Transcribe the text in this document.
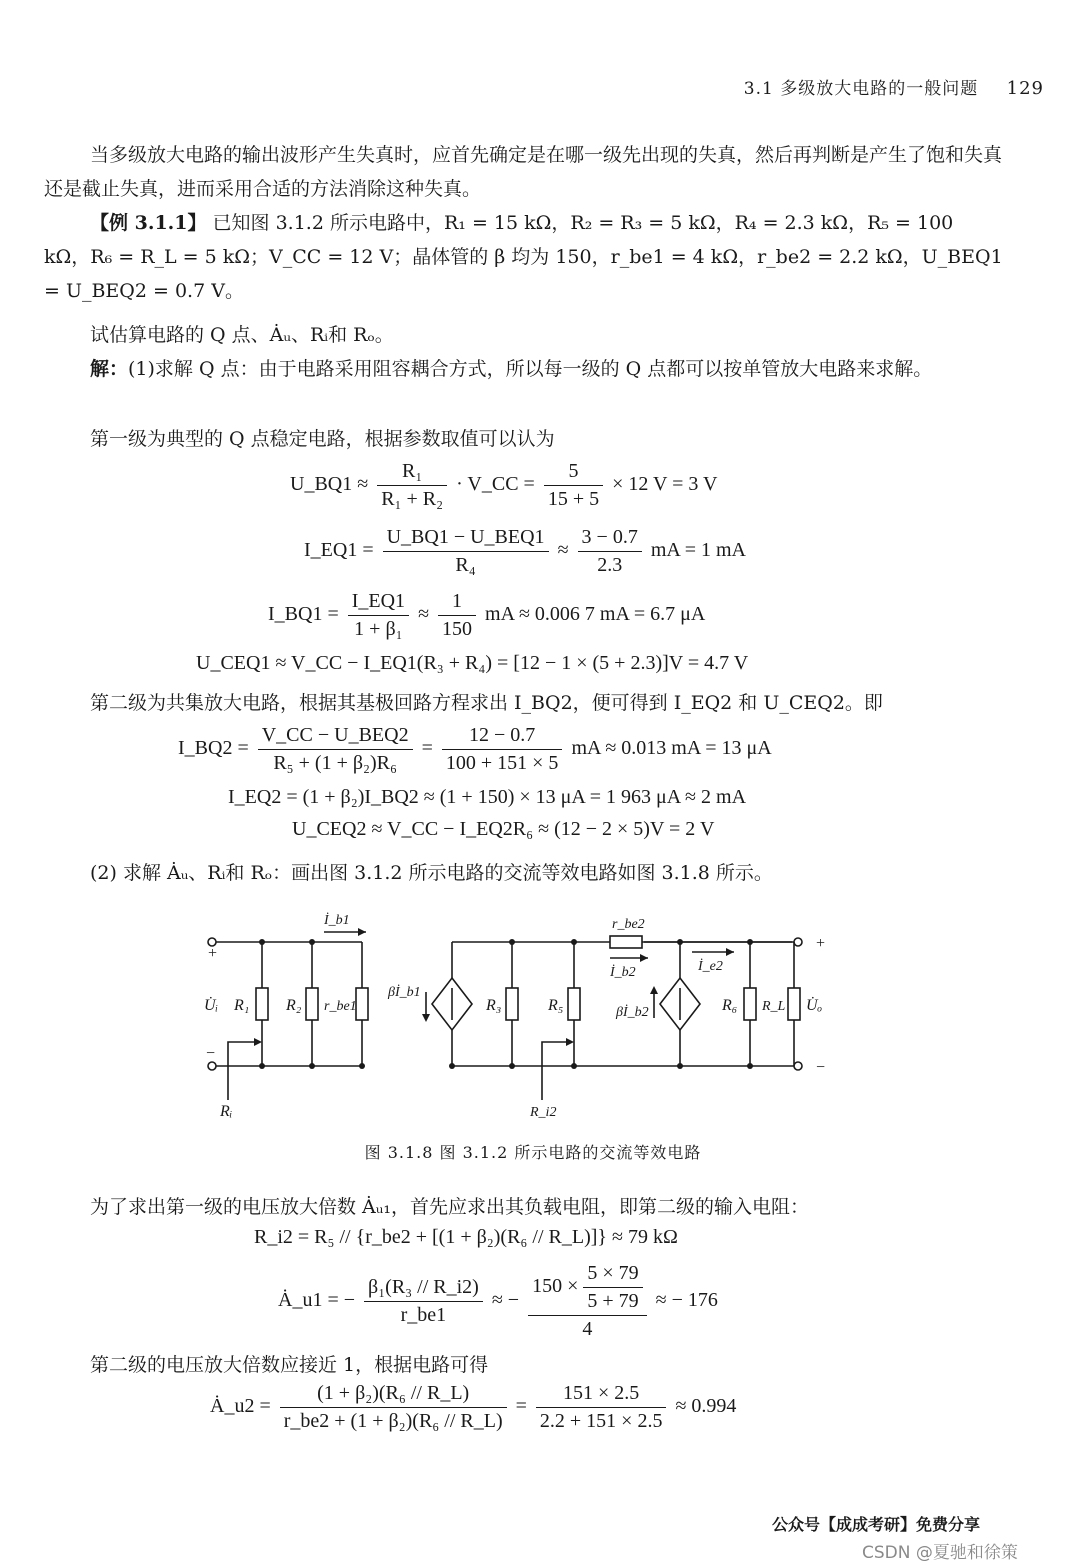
3.1 多级放大电路的一般问题 129
当多级放大电路的输出波形产生失真时，应首先确定是在哪一级先出现的失真，然后再判断是产生了饱和失真还是截止失真，进而采用合适的方法消除这种失真。
【例 3.1.1】 已知图 3.1.2 所示电路中，R₁ = 15 kΩ，R₂ = R₃ = 5 kΩ，R₄ = 2.3 kΩ，R₅ = 100 kΩ，R₆ = R_L = 5 kΩ；V_CC = 12 V；晶体管的 β 均为 150，r_be1 = 4 kΩ，r_be2 = 2.2 kΩ，U_BEQ1 = U_BEQ2 = 0.7 V。
试估算电路的 Q 点、Ȧᵤ、Rᵢ和 Rₒ。
解：(1)求解 Q 点：由于电路采用阻容耦合方式，所以每一级的 Q 点都可以按单管放大电路来求解。
第一级为典型的 Q 点稳定电路，根据参数取值可以认为
U_BQ1 ≈ $\frac{\text{R₁}}{\text{R₁ + R₂}}$ · V_CC = $\frac{5}{15 + 5} \times 12$ V = 3 V
I_EQ1 = $\frac{\text{U\_BQ1 − U\_BEQ1}}{\text{R₄}} \approx \frac{3 - 0.7}{2.3}$ mA = 1 mA
I_BQ1 = $\frac{I\_EQ1}{\text{1 + β₁}} \approx \frac{1}{150}$ mA ≈ 0.006 7 mA = 6.7 μA
U_CEQ1 ≈ V_CC − I_EQ1(R₃ + R₄) = [12 − 1 × (5 + 2.3)]V = 4.7 V
第二级为共集放大电路，根据其基极回路方程求出 I_BQ2，便可得到 I_EQ2 和 U_CEQ2。即
I_BQ2 = $\frac{\text{V\_CC − U\_BEQ2}}{\text{R₅ + (1 + β₂)R₆}} = \frac{12 - 0.7}{100 + 151 \times 5}$ mA ≈ 0.013 mA = 13 μA
I_EQ2 = (1 + β₂)I_BQ2 ≈ (1 + 150) × 13 μA = 1 963 μA ≈ 2 mA
U_CEQ2 ≈ V_CC − I_EQ2R₆ ≈ (12 − 2 × 5)V = 2 V
(2) 求解 Ȧᵤ、Rᵢ和 Rₒ：画出图 3.1.2 所示电路的交流等效电路如图 3.1.8 所示。
+
−
+
−
U̇ᵢ R₁ R₂ r_be1
İ_b1
βİ_b1
R₃	R₅
r_be2
İ_b2
βİ_b2
İ_e2
R₆ R_L U̇ₒ
Rᵢ	R_i2
图 3.1.8 图 3.1.2 所示电路的交流等效电路
为了求出第一级的电压放大倍数 Ȧᵤ₁，首先应求出其负载电阻，即第二级的输入电阻：
R_i2 = R₅ // {r_be2 + [(1 + β₂)(R₆ // R_L)]} ≈ 79 kΩ
Ȧ_u1 = − $\frac{\text{β₁(R₃ // R\_i2)}}{r\_be1}$ ≈ − $\frac{150 \times \frac{5 \times 79}{5 + 79}}{4}$ ≈ − 176
第二级的电压放大倍数应接近 1，根据电路可得
Ȧ_u2 = $\frac{\text{(1 + β₂)(R₆ // R\_L)}}{\text{r\_be2 + (1 + β₂)(R₆ // R\_L)}} = \frac{151 \times 2.5}{2.2 + 151 \times 2.5} \approx 0.994$
公众号【成成考研】免费分享
CSDN @夏驰和徐策
